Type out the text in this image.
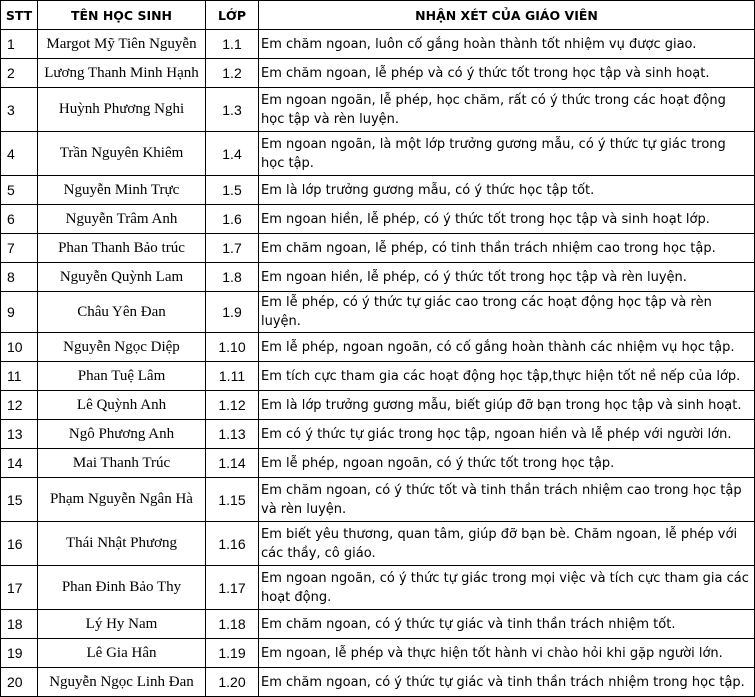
STT	TÊN HỌC SINH	LỚP	NHẬN XÉT CỦA GIÁO VIÊN
1	Margot Mỹ Tiên Nguyễn	1.1	Em chăm ngoan, luôn cố gắng hoàn thành tốt nhiệm vụ được giao.
2	Lương Thanh Minh Hạnh	1.2	Em chăm ngoan, lễ phép và có ý thức tốt trong học tập và sinh hoạt.
3	Huỳnh Phương Nghi	1.3	Em ngoan ngoãn, lễ phép, học chăm, rất có ý thức trong các hoạt động học tập và rèn luyện.
4	Trần Nguyên Khiêm	1.4	Em ngoan ngoãn, là một lớp trưởng gương mẫu, có ý thức tự giác trong học tập.
5	Nguyễn Minh Trực	1.5	Em là lớp trưởng gương mẫu, có ý thức học tập tốt.
6	Nguyễn Trâm Anh	1.6	Em ngoan hiền, lễ phép, có ý thức tốt trong học tập và sinh hoạt lớp.
7	Phan Thanh Bảo trúc	1.7	Em chăm ngoan, lễ phép, có tinh thần trách nhiệm cao trong học tập.
8	Nguyễn Quỳnh Lam	1.8	Em ngoan hiền, lễ phép, có ý thức tốt trong học tập và rèn luyện.
9	Châu Yên Đan	1.9	Em lễ phép, có ý thức tự giác cao trong các hoạt động học tập và rèn luyện.
10	Nguyễn Ngọc Diệp	1.10	Em lễ phép, ngoan ngoãn, có cố gắng hoàn thành các nhiệm vụ học tập.
11	Phan Tuệ Lâm	1.11	Em tích cực tham gia các hoạt động học tập,thực hiện tốt nề nếp của lớp.
12	Lê Quỳnh Anh	1.12	Em là lớp trưởng gương mẫu, biết giúp đỡ bạn trong học tập và sinh hoạt.
13	Ngô Phương Anh	1.13	Em có ý thức tự giác trong học tập, ngoan hiền và lễ phép với người lớn.
14	Mai Thanh Trúc	1.14	Em lễ phép, ngoan ngoãn, có ý thức tốt trong học tập.
15	Phạm Nguyễn Ngân Hà	1.15	Em chăm ngoan, có ý thức tốt và tinh thần trách nhiệm cao trong học tập và rèn luyện.
16	Thái Nhật Phương	1.16	Em biết yêu thương, quan tâm, giúp đỡ bạn bè. Chăm ngoan, lễ phép với các thầy, cô giáo.
17	Phan Đinh Bảo Thy	1.17	Em ngoan ngoãn, có ý thức tự giác trong mọi việc và tích cực tham gia các hoạt động.
18	Lý Hy Nam	1.18	Em chăm ngoan, có ý thức tự giác và tinh thần trách nhiệm tốt.
19	Lê Gia Hân	1.19	Em ngoan, lễ phép và thực hiện tốt hành vi chào hỏi khi gặp người lớn.
20	Nguyễn Ngọc Linh Đan	1.20	Em chăm ngoan, có ý thức tự giác và tinh thần trách nhiệm trong học tập.
